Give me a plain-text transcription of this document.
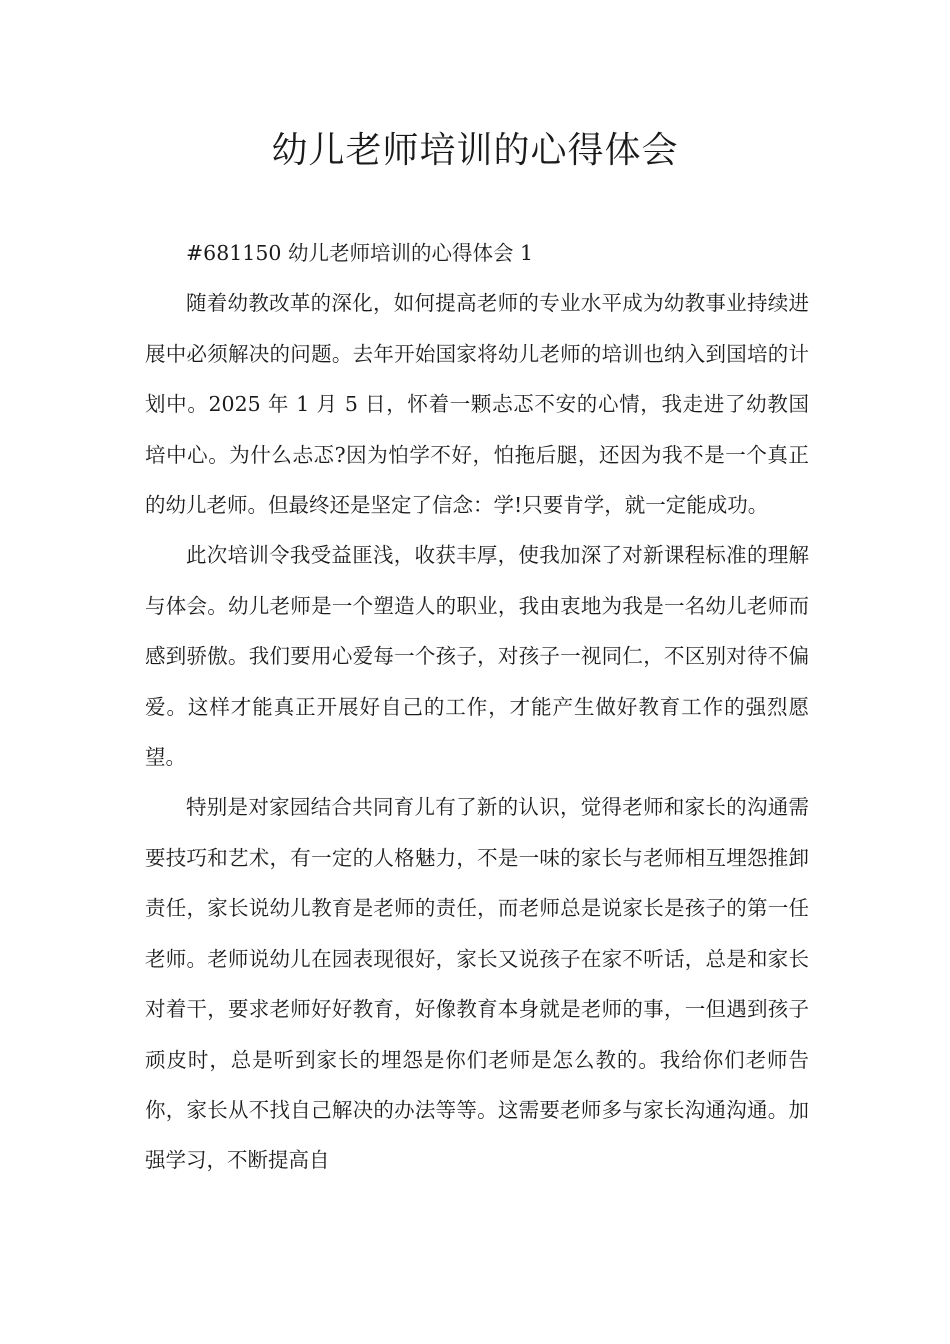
幼儿老师培训的心得体会

#681150 幼儿老师培训的心得体会 1

随着幼教改革的深化，如何提高老师的专业水平成为幼教事业持续进展中必须解决的问题。去年开始国家将幼儿老师的培训也纳入到国培的计划中。2025 年 1 月 5 日，怀着一颗忐忑不安的心情，我走进了幼教国培中心。为什么忐忑?因为怕学不好，怕拖后腿，还因为我不是一个真正的幼儿老师。但最终还是坚定了信念：学!只要肯学，就一定能成功。

此次培训令我受益匪浅，收获丰厚，使我加深了对新课程标准的理解与体会。幼儿老师是一个塑造人的职业，我由衷地为我是一名幼儿老师而感到骄傲。我们要用心爱每一个孩子，对孩子一视同仁，不区别对待不偏爱。这样才能真正开展好自己的工作，才能产生做好教育工作的强烈愿望。

特别是对家园结合共同育儿有了新的认识，觉得老师和家长的沟通需要技巧和艺术，有一定的人格魅力，不是一味的家长与老师相互埋怨推卸责任，家长说幼儿教育是老师的责任，而老师总是说家长是孩子的第一任老师。老师说幼儿在园表现很好，家长又说孩子在家不听话，总是和家长对着干，要求老师好好教育，好像教育本身就是老师的事，一但遇到孩子顽皮时，总是听到家长的埋怨是你们老师是怎么教的。我给你们老师告你，家长从不找自己解决的办法等等。这需要老师多与家长沟通沟通。加强学习，不断提高自
